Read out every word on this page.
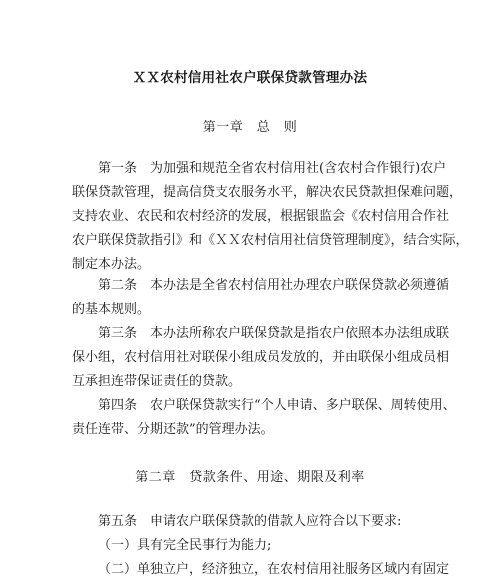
ＸＸ农村信用社农户联保贷款管理办法
第一章　总　则
第一条　为加强和规范全省农村信用社(含农村合作银行)农户
联保贷款管理，提高信贷支农服务水平，解决农民贷款担保难问题，
支持农业、农民和农村经济的发展，根据银监会《农村信用合作社
农户联保贷款指引》和《ＸＸ农村信用社信贷管理制度》，结合实际，
制定本办法。
第二条　本办法是全省农村信用社办理农户联保贷款必须遵循
的基本规则。
第三条　本办法所称农户联保贷款是指农户依照本办法组成联
保小组，农村信用社对联保小组成员发放的，并由联保小组成员相
互承担连带保证责任的贷款。
第四条　农户联保贷款实行“个人申请、多户联保、周转使用、
责任连带、分期还款”的管理办法。
第二章　贷款条件、用途、期限及利率
第五条　申请农户联保贷款的借款人应符合以下要求:
（一）具有完全民事行为能力;
（二）单独立户，经济独立，在农村信用社服务区域内有固定
